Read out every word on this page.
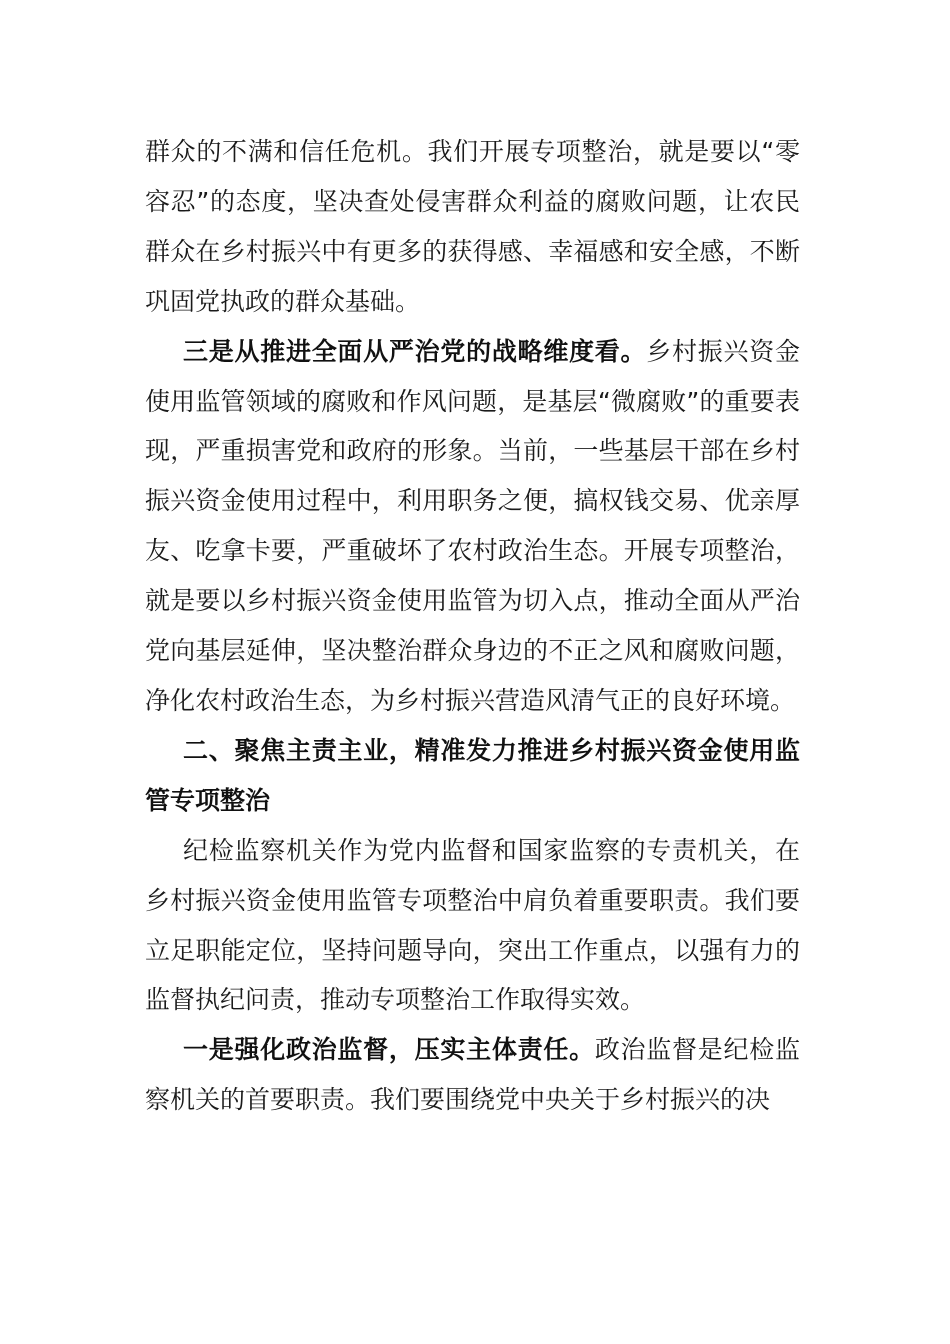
群众的不满和信任危机。我们开展专项整治，就是要以“零容忍”的态度，坚决查处侵害群众利益的腐败问题，让农民群众在乡村振兴中有更多的获得感、幸福感和安全感，不断巩固党执政的群众基础。

三是从推进全面从严治党的战略维度看。乡村振兴资金使用监管领域的腐败和作风问题，是基层“微腐败”的重要表现，严重损害党和政府的形象。当前，一些基层干部在乡村振兴资金使用过程中，利用职务之便，搞权钱交易、优亲厚友、吃拿卡要，严重破坏了农村政治生态。开展专项整治，就是要以乡村振兴资金使用监管为切入点，推动全面从严治党向基层延伸，坚决整治群众身边的不正之风和腐败问题，净化农村政治生态，为乡村振兴营造风清气正的良好环境。

二、聚焦主责主业，精准发力推进乡村振兴资金使用监管专项整治

纪检监察机关作为党内监督和国家监察的专责机关，在乡村振兴资金使用监管专项整治中肩负着重要职责。我们要立足职能定位，坚持问题导向，突出工作重点，以强有力的监督执纪问责，推动专项整治工作取得实效。

一是强化政治监督，压实主体责任。政治监督是纪检监察机关的首要职责。我们要围绕党中央关于乡村振兴的决
